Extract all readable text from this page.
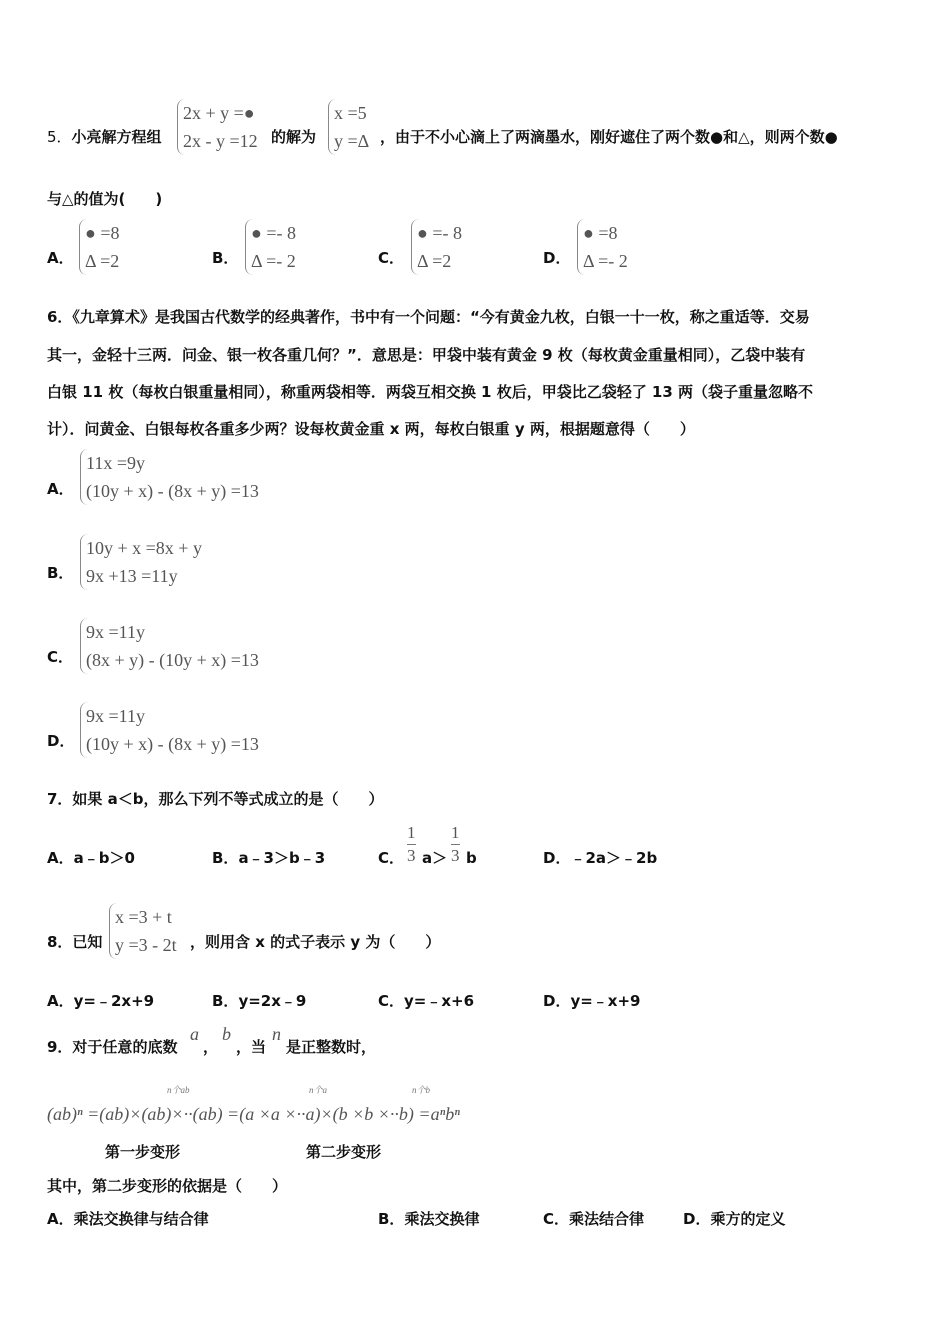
5．小亮解方程组
2x + y =●
2x - y =12 的解为
x =5
y =Δ ，由于不小心滴上了两滴墨水，刚好遮住了两个数●和△，则两个数●
与△的值为(　　)
A．
● =8
Δ =2	B．
● =- 8
Δ =- 2	C．
● =- 8
Δ =2	D．
● =8
Δ =- 2
6．《九章算术》是我国古代数学的经典著作，书中有一个问题：“今有黄金九枚，白银一十一枚，称之重适等．交易
其一，金轻十三两．问金、银一枚各重几何？”．意思是：甲袋中装有黄金 9 枚（每枚黄金重量相同），乙袋中装有
白银 11 枚（每枚白银重量相同），称重两袋相等．两袋互相交换 1 枚后，甲袋比乙袋轻了 13 两（袋子重量忽略不
计）．问黄金、白银每枚各重多少两？设每枚黄金重 x 两，每枚白银重 y 两，根据题意得（　　）
A．
11x =9y
(10y + x) - (8x + y) =13
B．
10y + x =8x + y
9x +13 =11y
C．
9x =11y
(8x + y) - (10y + x) =13
D．
9x =11y
(10y + x) - (8x + y) =13
7．如果 a＜b，那么下列不等式成立的是（　　）
A．a﹣b＞0	B．a﹣3＞b﹣3	C． $\frac{1}{3} a> \frac{1}{3}$ b	D．﹣2a＞﹣2b
8．已知
x =3 + t
y =3 - 2t ，则用含 x 的式子表示 y 为（　　）
A．y=﹣2x+9	B．y=2x﹣9	C．y=﹣x+6	D．y=﹣x+9
9．对于任意的底数
a
，
b
，当
n
是正整数时，
n个ab	n个a	n个b
(ab)ⁿ =(ab)×(ab)×··(ab) =(a ×a ×··a)×(b ×b ×··b) =aⁿbⁿ
第一步变形	第二步变形
其中，第二步变形的依据是（　　）
A．乘法交换律与结合律	B．乘法交换律	C．乘法结合律	D．乘方的定义
